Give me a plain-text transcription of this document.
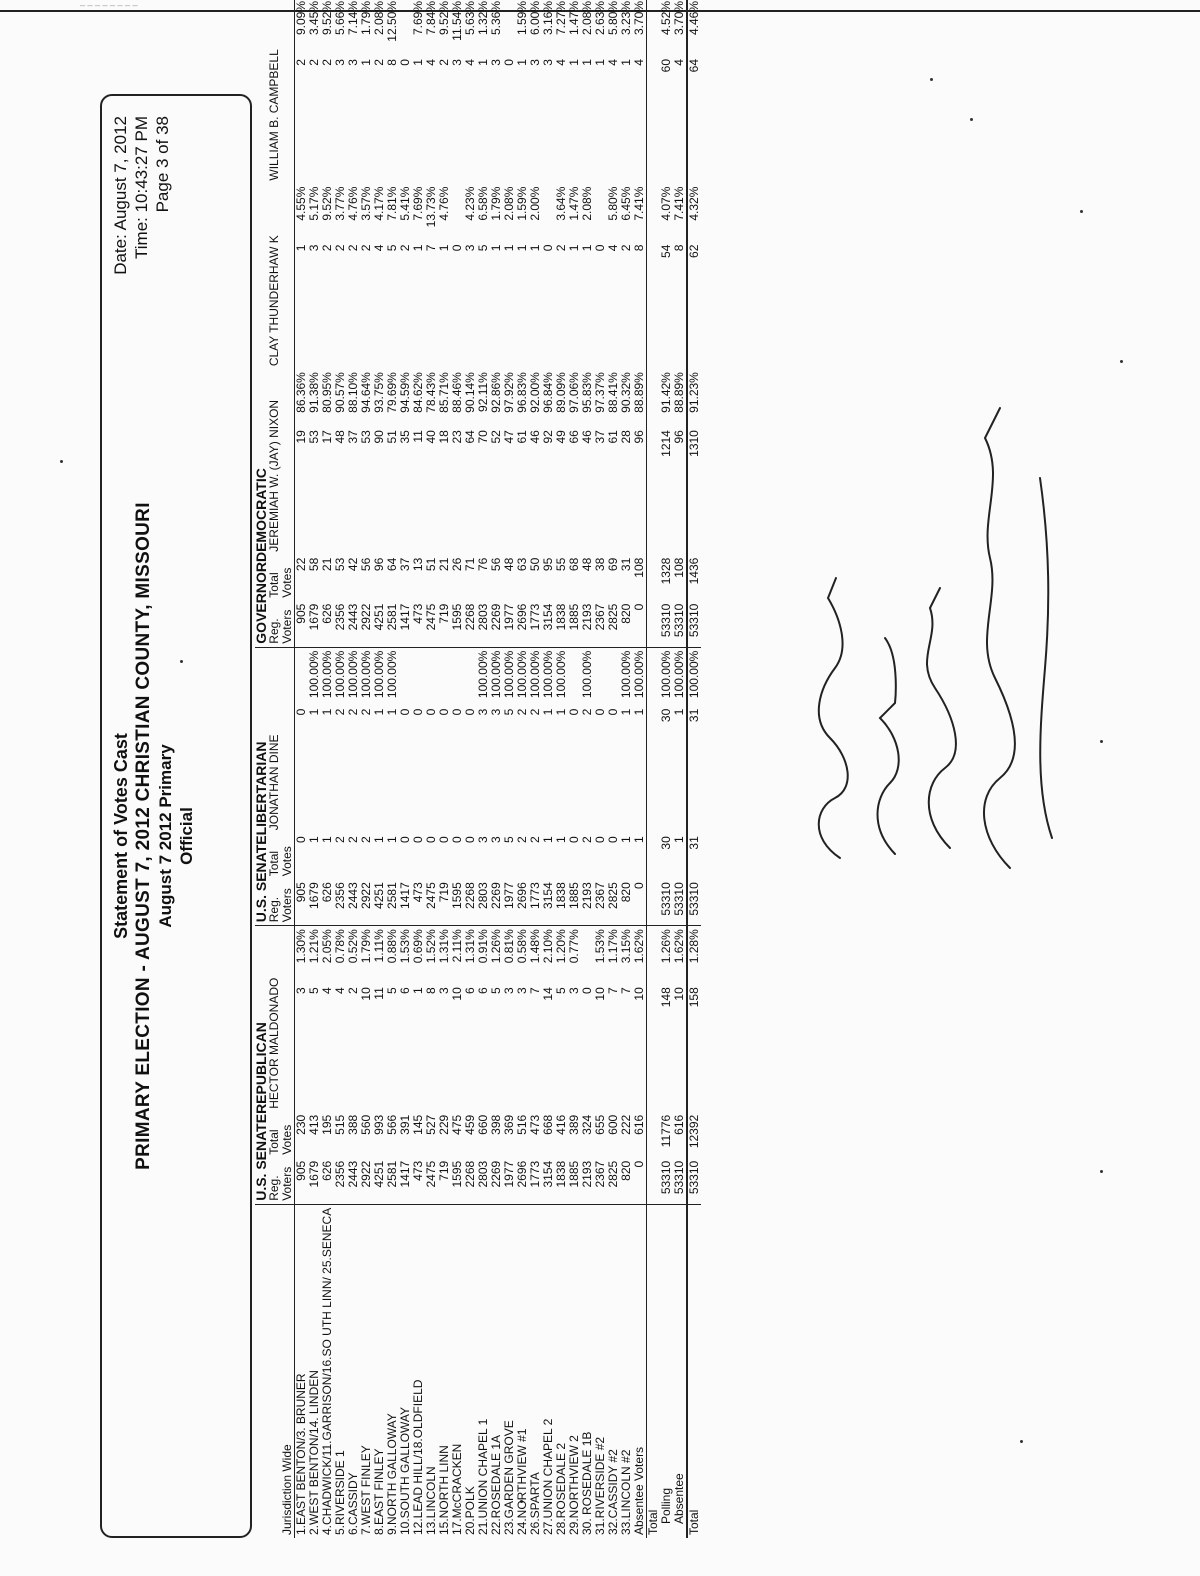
_ _ _ _ _ _ _ _
Statement of Votes Cast PRIMARY ELECTION - AUGUST 7, 2012 CHRISTIAN COUNTY, MISSOURI August 7 2012 Primary Official
Date: August 7, 2012 Time: 10:43:27 PM Page 3 of 38
	U.S. SENATEREPUBLICAN				U.S. SENATELIBERTARIAN				GOVERNORDEMOCRATIC							
Jurisdiction Wide	Reg. Voters	Total Votes	HECTOR MALDONADO		Reg. Voters	Total Votes	JONATHAN DINE		Reg. Voters	Total Votes	JEREMIAH W. (JAY) NIXON		CLAY THUNDERHAW K		WILLIAM B. CAMPBELL	
1.EAST BENTON/3. BRUNER	905	230	3	1.30%	905	0	0		905	22	19	86.36%	1	4.55%	2	9.09%
2.WEST BENTON/14. LINDEN	1679	413	5	1.21%	1679	1	1	100.00%	1679	58	53	91.38%	3	5.17%	2	3.45%
4.CHADWICK/11.GARRISON/16.SO UTH LINN/ 25.SENECA	626	195	4	2.05%	626	1	1	100.00%	626	21	17	80.95%	2	9.52%	2	9.52%
5.RIVERSIDE 1	2356	515	4	0.78%	2356	2	2	100.00%	2356	53	48	90.57%	2	3.77%	3	5.66%
6.CASSIDY	2443	388	2	0.52%	2443	2	2	100.00%	2443	42	37	88.10%	2	4.76%	3	7.14%
7.WEST FINLEY	2922	560	10	1.79%	2922	2	2	100.00%	2922	56	53	94.64%	2	3.57%	1	1.79%
8.EAST FINLEY	4251	993	11	1.11%	4251	1	1	100.00%	4251	96	90	93.75%	4	4.17%	2	2.08%
9.NORTH GALLOWAY	2581	566	5	0.88%	2581	1	1	100.00%	2581	64	51	79.69%	5	7.81%	8	12.50%
10.SOUTH GALLOWAY	1417	391	6	1.53%	1417	0	0		1417	37	35	94.59%	2	5.41%	0	
12.LEAD HILL/18.OLDFIELD	473	145	1	0.69%	473	0	0		473	13	11	84.62%	1	7.69%	1	7.69%
13.LINCOLN	2475	527	8	1.52%	2475	0	0		2475	51	40	78.43%	7	13.73%	4	7.84%
15.NORTH LINN	719	229	3	1.31%	719	0	0		719	21	18	85.71%	1	4.76%	2	9.52%
17.McCRACKEN	1595	475	10	2.11%	1595	0	0		1595	26	23	88.46%	0		3	11.54%
20.POLK	2268	459	6	1.31%	2268	0	0		2268	71	64	90.14%	3	4.23%	4	5.63%
21.UNION CHAPEL 1	2803	660	6	0.91%	2803	3	3	100.00%	2803	76	70	92.11%	5	6.58%	1	1.32%
22.ROSEDALE 1A	2269	398	5	1.26%	2269	3	3	100.00%	2269	56	52	92.86%	1	1.79%	3	5.36%
23.GARDEN GROVE	1977	369	3	0.81%	1977	5	5	100.00%	1977	48	47	97.92%	1	2.08%	0	
24.NORTHVIEW #1	2696	516	3	0.58%	2696	2	2	100.00%	2696	63	61	96.83%	1	1.59%	1	1.59%
26.SPARTA	1773	473	7	1.48%	1773	2	2	100.00%	1773	50	46	92.00%	1	2.00%	3	6.00%
27.UNION CHAPEL 2	3154	668	14	2.10%	3154	1	1	100.00%	3154	95	92	96.84%	0		3	3.16%
28.ROSEDALE 2	1838	416	5	1.20%	1838	1	1	100.00%	1838	55	49	89.09%	2	3.64%	4	7.27%
29.NORTHVIEW 2	1885	389	3	0.77%	1885	0	0		1885	68	66	97.06%	1	1.47%	1	1.47%
30. ROSEDALE 1B	2193	324	0		2193	2	2	100.00%	2193	48	46	95.83%	1	2.08%	1	2.08%
31.RIVERSIDE #2	2367	655	10	1.53%	2367	0	0		2367	38	37	97.37%	0		1	2.63%
32.CASSIDY #2	2825	600	7	1.17%	2825	0	0		2825	69	61	88.41%	4	5.80%	4	5.80%
33.LINCOLN #2	820	222	7	3.15%	820	1	1	100.00%	820	31	28	90.32%	2	6.45%	1	3.23%
Absentee Voters	0	616	10	1.62%	0	1	1	100.00%	0	108	96	88.89%	8	7.41%	4	3.70%
Total																
Polling	53310	11776	148	1.26%	53310	30	30	100.00%	53310	1328	1214	91.42%	54	4.07%	60	4.52%
Absentee	53310	616	10	1.62%	53310	1	1	100.00%	53310	108	96	88.89%	8	7.41%	4	3.70%
Total	53310	12392	158	1.28%	53310	31	31	100.00%	53310	1436	1310	91.23%	62	4.32%	64	4.46%
